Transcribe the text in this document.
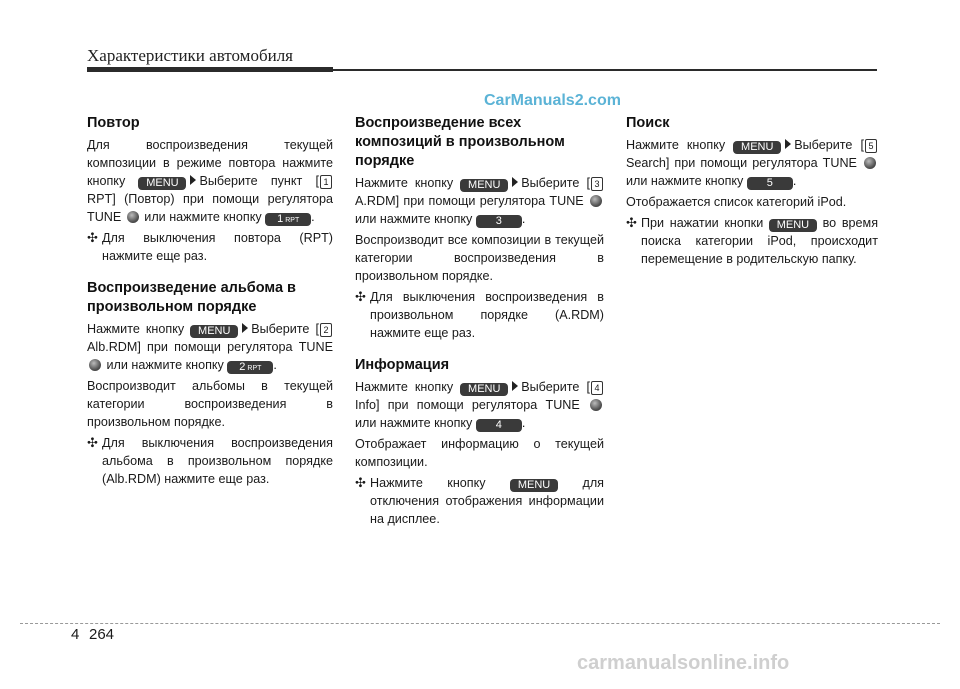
Характеристики автомобиля

CarManuals2.com

Повтор

Для воспроизведения текущей композиции в режиме повтора нажмите кнопку MENU Выберите пункт [ 1 RPT] (Повтор) при помощи регулятора TUNE или нажмите кнопку 1 RPT .

✣ Для выключения повтора (RPT) нажмите еще раз.
Воспроизведение альбома в произвольном порядке

Нажмите кнопку MENU Выберите [ 2 Alb.RDM] при помощи регулятора TUNE  или нажмите кнопку 2 RPT .

Воспроизводит альбомы в текущей категории воспроизведения в произвольном порядке.

✣ Для выключения воспроизведения альбома в произвольном порядке (Alb.RDM) нажмите еще раз.
Воспроизведение всех композиций в произвольном порядке

Нажмите кнопку MENU Выберите [ 3 A.RDM] при помощи регулятора TUNE  или нажмите кнопку 3 .

Воспроизводит все композиции в текущей категории воспроизведения в произвольном порядке.

✣ Для выключения воспроизведения в произвольном порядке (A.RDM) нажмите еще раз.
Информация

Нажмите кнопку MENU Выберите [ 4 Info] при помощи регулятора TUNE  или нажмите кнопку 4 .

Отображает информацию о текущей композиции.

✣ Нажмите кнопку	MENU	для отключения отображения информации на дисплее.
Поиск

Нажмите кнопку MENU Выберите [ 5 Search] при помощи регулятора TUNE  или нажмите кнопку 5 .

Отображается список категорий iPod.

✣ При нажатии кнопки MENU во время поиска категории iPod, происходит перемещение в родительскую папку.

4 264

carmanualsonline.info
